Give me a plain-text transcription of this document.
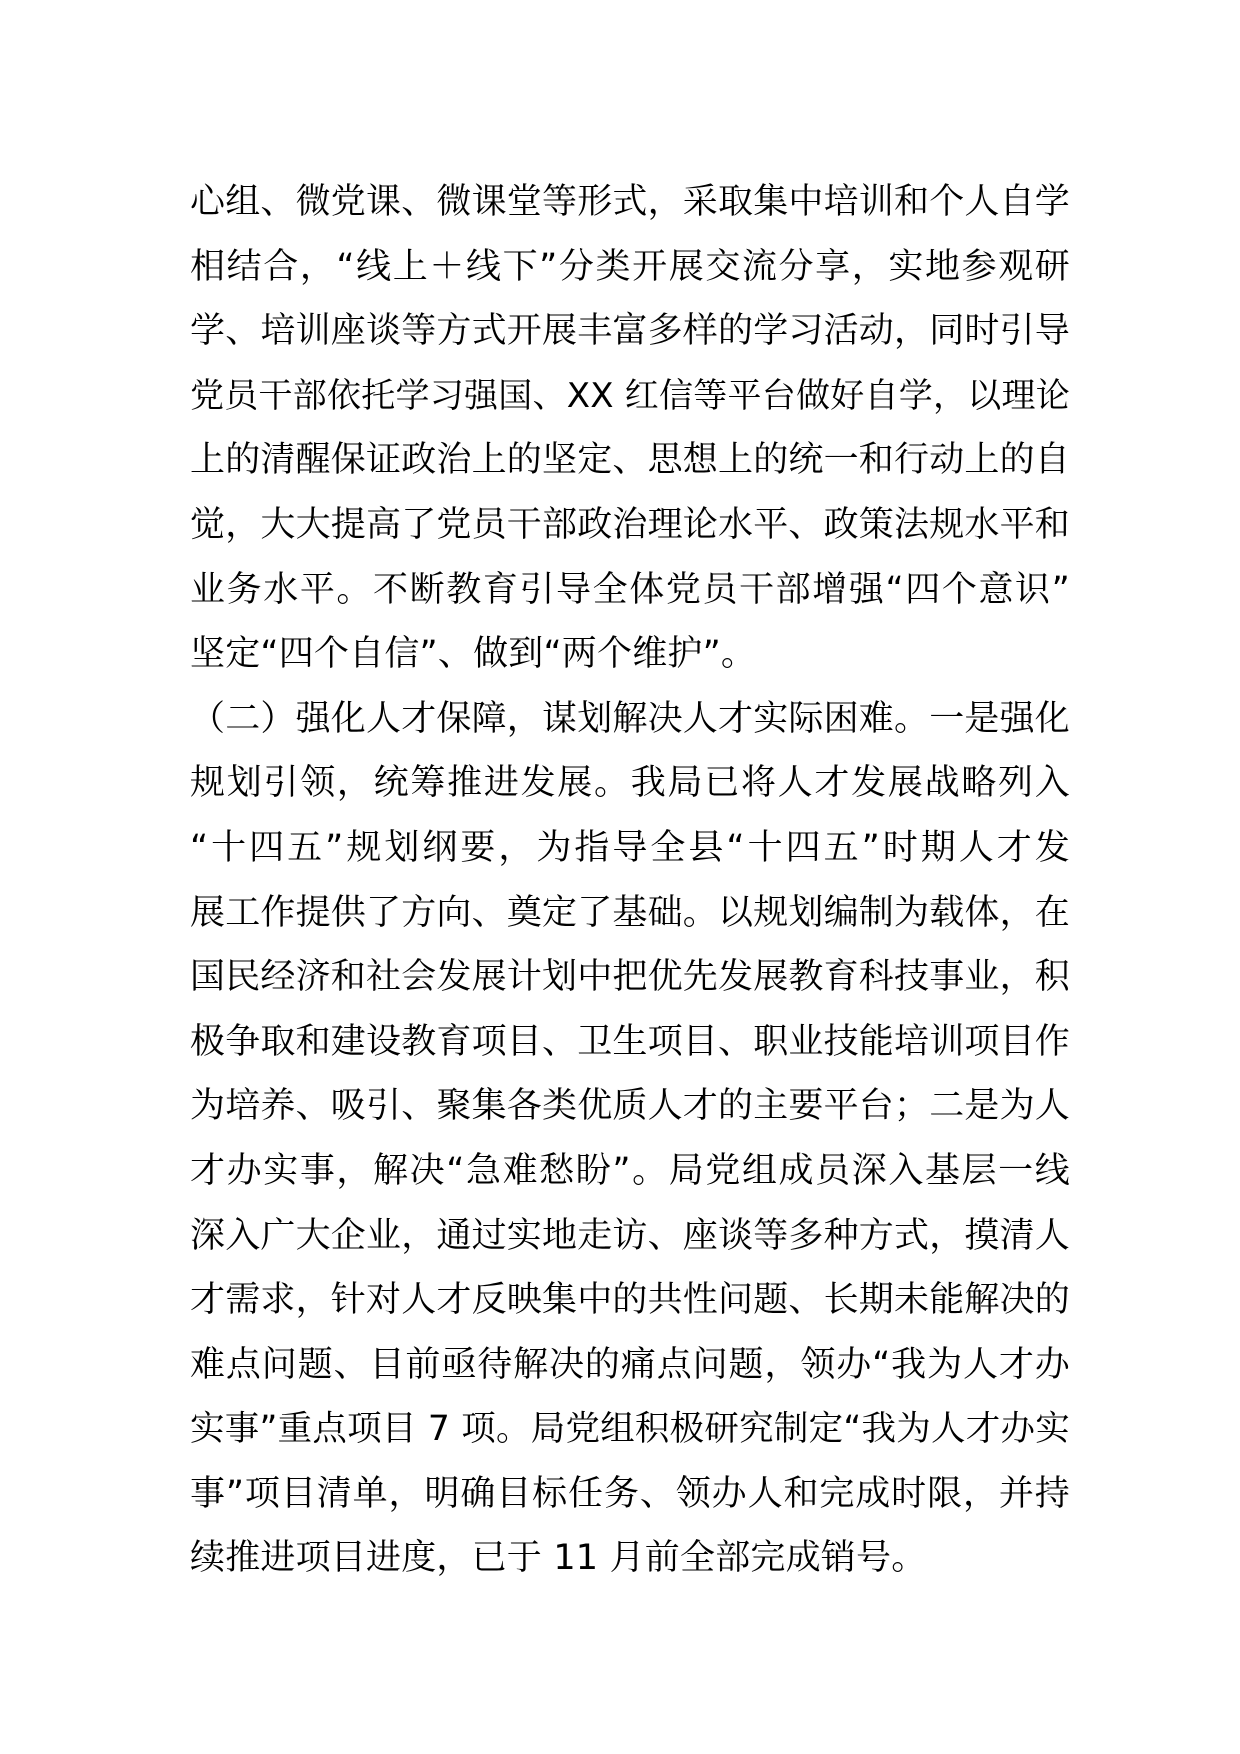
心组、微党课、微课堂等形式，采取集中培训和个人自学
相结合，“线上＋线下”分类开展交流分享，实地参观研
学、培训座谈等方式开展丰富多样的学习活动，同时引导
党员干部依托学习强国、XX 红信等平台做好自学，以理论
上的清醒保证政治上的坚定、思想上的统一和行动上的自
觉，大大提高了党员干部政治理论水平、政策法规水平和
业务水平。不断教育引导全体党员干部增强“四个意识”
坚定“四个自信”、做到“两个维护”。
（二）强化人才保障，谋划解决人才实际困难。一是强化
规划引领，统筹推进发展。我局已将人才发展战略列入
“十四五”规划纲要，为指导全县“十四五”时期人才发
展工作提供了方向、奠定了基础。以规划编制为载体，在
国民经济和社会发展计划中把优先发展教育科技事业，积
极争取和建设教育项目、卫生项目、职业技能培训项目作
为培养、吸引、聚集各类优质人才的主要平台；二是为人
才办实事，解决“急难愁盼”。局党组成员深入基层一线
深入广大企业，通过实地走访、座谈等多种方式，摸清人
才需求，针对人才反映集中的共性问题、长期未能解决的
难点问题、目前亟待解决的痛点问题，领办“我为人才办
实事”重点项目 7 项。局党组积极研究制定“我为人才办实
事”项目清单，明确目标任务、领办人和完成时限，并持
续推进项目进度，已于 11 月前全部完成销号。
